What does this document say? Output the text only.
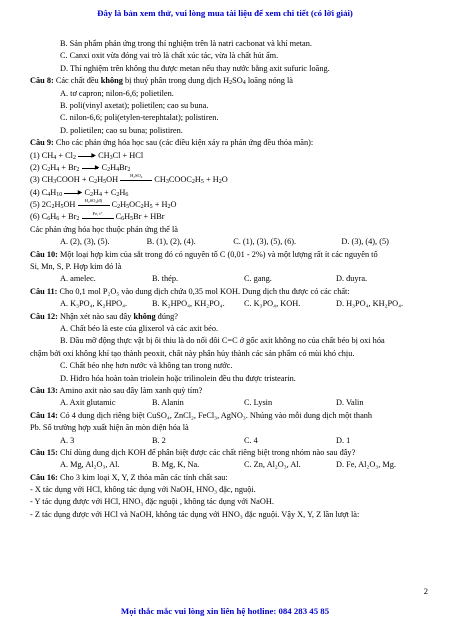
Đây là bản xem thử, vui lòng mua tài liệu để xem chi tiết (có lời giải)
B. Sản phẩm phản ứng trong thí nghiệm trên là natri cacbonat và khí metan.
C. Canxi oxit vừa đóng vai trò là chất xúc tác, vừa là chất hút ẩm.
D. Thí nghiệm trên không thu được metan nếu thay nước bằng axit sufuric loãng.
Câu 8: Các chất đều không bị thuỷ phân trong dung dịch $H_2SO_4$ loãng nóng là
A. tơ capron; nilon-6,6; polietilen.
B. poli(vinyl axetat); polietilen; cao su buna.
C. nilon-6,6; poli(etylen-terephtalat); polistiren.
D. polietilen; cao su buna; polistiren.
Câu 9: Cho các phản ứng hóa học sau (các điều kiện xảy ra phản ứng đều thỏa mãn):
(1) $CH_4 + Cl_2$	▶ $CH_3Cl$ + HCl
(2) $C_2H_4 + Br_2$	▶ $C_2H_4Br_2$
(3) $CH_3COOH + C_2H_5OH$	H₂SO₄	$CH_3COOC_2H_5 + H_2O$
(4) $C_4H_{10}$	▶ $C_2H_4 + C_2H_6$
(5) $2C_2H_5OH$	H₂SO₄(đ)	$C_2H_5OC_2H_5 + H_2O$
(6) $C_6H_6 + Br_2$
Fe, t°	$C_6H_5Br$ + HBr
Các phản ứng hóa học thuộc phản ứng thế là
A. (2), (3), (5).	B. (1), (2), (4).	C. (1), (3), (5), (6).	D. (3), (4), (5)
Câu 10: Một loại hợp kim của sắt trong đó có nguyên tố C (0,01 - 2%) và một lượng rất ít các nguyên tố
Si, Mn, S, P. Hợp kim đó là
A. amelec.	B. thép.	C. gang.	D. đuyra.
Câu 11: Cho 0,1 mol P₂O₅ vào dung dịch chứa 0,35 mol KOH. Dung dịch thu được có các chất:
A. K₃PO₄, K₂HPO₄.	B. K₂HPO₄, KH₂PO₄.	C. K₃PO₄, KOH.	D. H₃PO₄, KH₂PO₄.
Câu 12: Nhận xét nào sau đây không đúng?
A. Chất béo là este của glixerol và các axit béo.
B. Dầu mỡ động thực vật bị ôi thiu là do nối đôi C=C ở gốc axit không no của chất béo bị oxi hóa
chậm bởi oxi không khí tạo thành peoxit, chất này phân hủy thành các sản phẩm có mùi khó chịu.
C. Chất béo nhẹ hơn nước và không tan trong nước.
D. Hiđro hóa hoàn toàn triolein hoặc trilinolein đều thu được tristearin.
Câu 13: Amino axit nào sau đây làm xanh quỳ tím?
A. Axit glutamic	B. Alanin	C. Lysin	D. Valin
Câu 14: Có 4 dung dịch riêng biệt CuSO₄, ZnCl₂, FeCl₃, AgNO₃. Nhúng vào mỗi dung dịch một thanh
Pb. Số trường hợp xuất hiện ăn mòn điện hóa là
A. 3	B. 2	C. 4	D. 1
Câu 15: Chỉ dùng dung dịch KOH để phân biệt được các chất riêng biệt trong nhóm nào sau đây?
A. Mg, Al₂O₃, Al.	B. Mg, K, Na.	C. Zn, Al₂O₃, Al.	D. Fe, Al₂O₃, Mg.
Câu 16: Cho 3 kim loại X, Y, Z thỏa mãn các tính chất sau:
- X tác dụng với HCl, không tác dụng với NaOH, HNO₃ đặc, nguội.
- Y tác dụng được với HCl, HNO₃ đặc nguội , không tác dụng với NaOH.
- Z tác dụng được với HCl và NaOH, không tác dụng với HNO₃ đặc nguội. Vậy X, Y, Z lần lượt là:
2
Mọi thắc mắc vui lòng xin liên hệ hotline: 084 283 45 85
